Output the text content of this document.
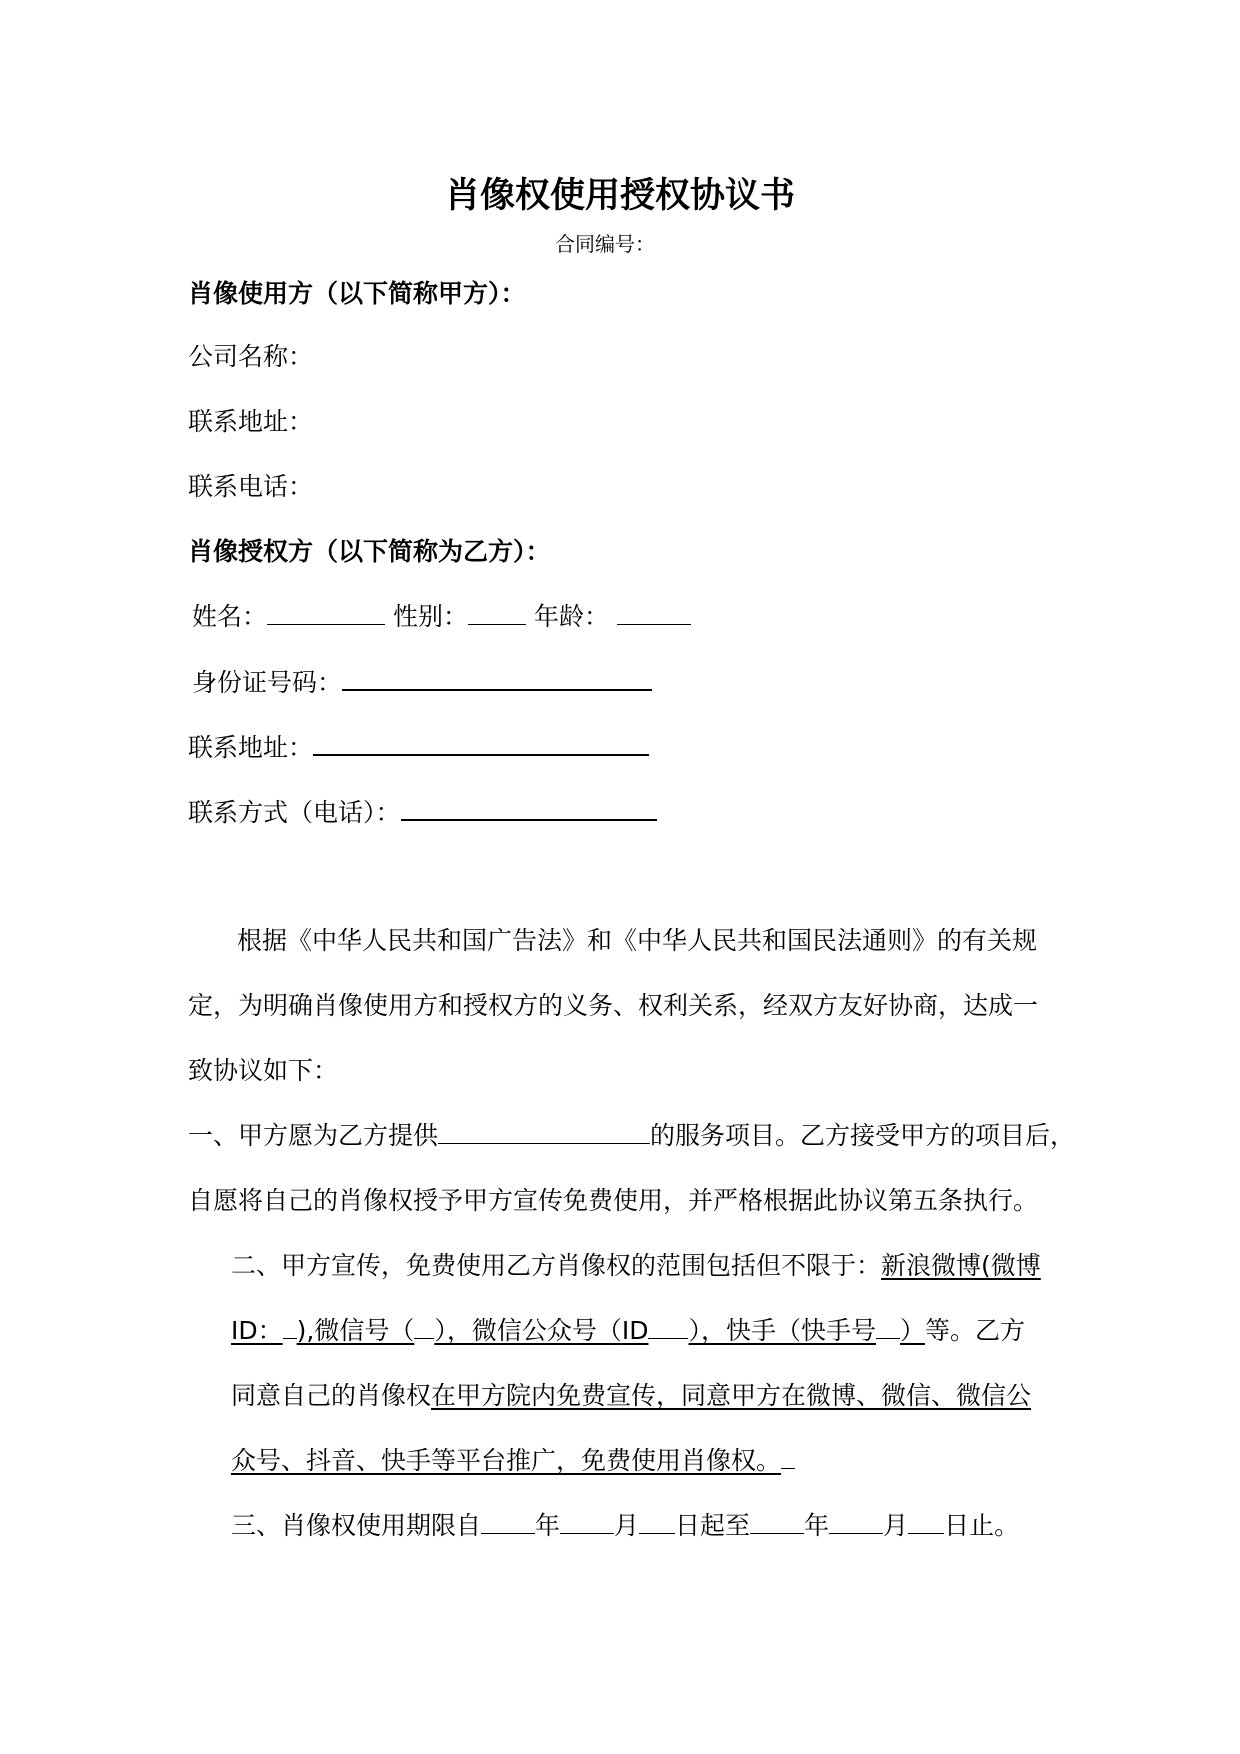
肖像权使用授权协议书
合同编号：
肖像使用方（以下简称甲方）：
公司名称：
联系地址：
联系电话：
肖像授权方（以下简称为乙方）：
姓名：	性别：	年龄：
身份证号码：
联系地址：
联系方式（电话）：
根据《中华人民共和国广告法》和《中华人民共和国民法通则》的有关规
定，为明确肖像使用方和授权方的义务、权利关系，经双方友好协商，达成一
致协议如下：
一、甲方愿为乙方提供	的服务项目。乙方接受甲方的项目后，
自愿将自己的肖像权授予甲方宣传免费使用，并严格根据此协议第五条执行。
二、甲方宣传，免费使用乙方肖像权的范围包括但不限于：新浪微博(微博
ID： ),微信号（ ），微信公众号（ID ），快手（快手号 ）等。乙方
同意自己的肖像权在甲方院内免费宣传，同意甲方在微博、微信、微信公
众号、抖音、快手等平台推广，免费使用肖像权。
三、肖像权使用期限自 年 月 日起至 年 月 日止。
